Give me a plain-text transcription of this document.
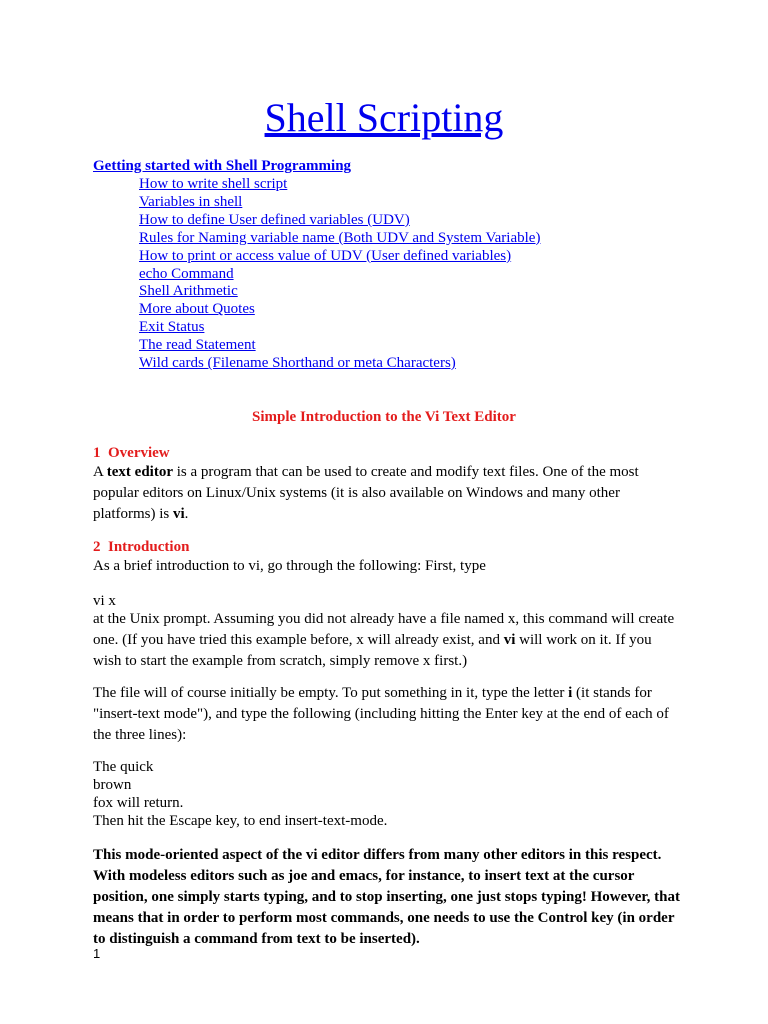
Shell Scripting
Getting started with Shell Programming
How to write shell script
Variables in shell
How to define User defined variables (UDV)
Rules for Naming variable name (Both UDV and System Variable)
How to print or access value of UDV (User defined variables)
echo Command
Shell Arithmetic
More about Quotes
Exit Status
The read Statement
Wild cards (Filename Shorthand or meta Characters)
Simple Introduction to the Vi Text Editor
1 Overview

A text editor is a program that can be used to create and modify text files. One of the most popular editors on Linux/Unix systems (it is also available on Windows and many other platforms) is vi.

2 Introduction

As a brief introduction to vi, go through the following: First, type

vi x

at the Unix prompt. Assuming you did not already have a file named x, this command will create one. (If you have tried this example before, x will already exist, and vi will work on it. If you wish to start the example from scratch, simply remove x first.)

The file will of course initially be empty. To put something in it, type the letter i (it stands for "insert-text mode"), and type the following (including hitting the Enter key at the end of each of the three lines):

The quick
brown
fox will return.
Then hit the Escape key, to end insert-text-mode.

This mode-oriented aspect of the vi editor differs from many other editors in this respect. With modeless editors such as joe and emacs, for instance, to insert text at the cursor position, one simply starts typing, and to stop inserting, one just stops typing! However, that means that in order to perform most commands, one needs to use the Control key (in order to distinguish a command from text to be inserted).

1
